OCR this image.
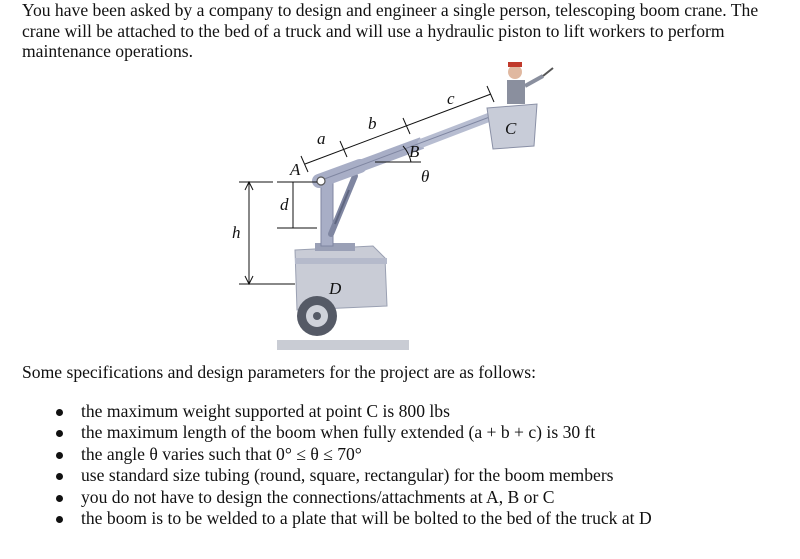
You have been asked by a company to design and engineer a single person, telescoping boom crane. The
crane will be attached to the bed of a truck and will use a hydraulic piston to lift workers to perform
maintenance operations.
a
b
c
A
B
C
θ
d
h
D

Some specifications and design parameters for the project are as follows:

the maximum weight supported at point C is 800 lbs
the maximum length of the boom when fully extended (a + b + c) is 30 ft
the angle θ varies such that 0° ≤ θ ≤ 70°
use standard size tubing (round, square, rectangular) for the boom members
you do not have to design the connections/attachments at A, B or C
the boom is to be welded to a plate that will be bolted to the bed of the truck at D
